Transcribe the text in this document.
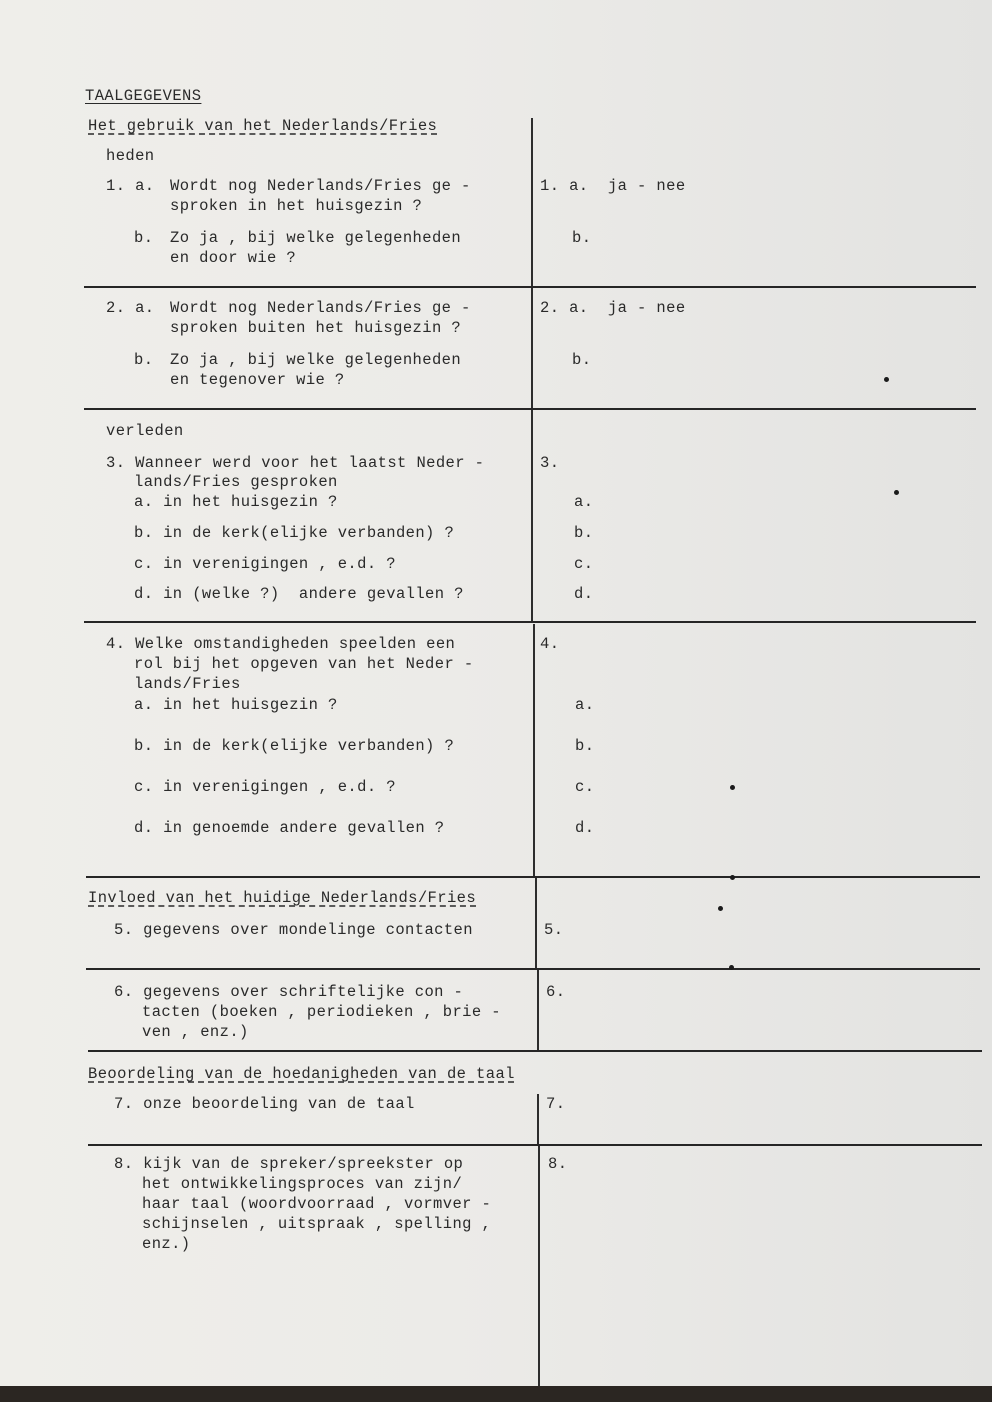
TAALGEGEVENS
Het gebruik van het Nederlands/Fries
heden
1. a. Wordt nog Nederlands/Fries ge -
sproken in het huisgezin ?
b. Zo ja , bij welke gelegenheden
en door wie ?
1. a.  ja - nee
b.
2. a. Wordt nog Nederlands/Fries ge -
sproken buiten het huisgezin ?
b. Zo ja , bij welke gelegenheden
en tegenover wie ?
2. a.  ja - nee
b.
verleden
3. Wanneer werd voor het laatst Neder -
lands/Fries gesproken
a. in het huisgezin ?
b. in de kerk(elijke verbanden) ?
c. in verenigingen , e.d. ?
d. in (welke ?)  andere gevallen ?
3.
a.
b.
c.
d.
4. Welke omstandigheden speelden een
rol bij het opgeven van het Neder -
lands/Fries
a. in het huisgezin ?
b. in de kerk(elijke verbanden) ?
c. in verenigingen , e.d. ?
d. in genoemde andere gevallen ?
4.
a.
b.
c.
d.
Invloed van het huidige Nederlands/Fries
5. gegevens over mondelinge contacten	5.
6. gegevens over schriftelijke con -
tacten (boeken , periodieken , brie -
ven , enz.)
6.
Beoordeling van de hoedanigheden van de taal
7. onze beoordeling van de taal	7.
8. kijk van de spreker/spreekster op
het ontwikkelingsproces van zijn/
haar taal (woordvoorraad , vormver -
schijnselen , uitspraak , spelling ,
enz.)
8.
